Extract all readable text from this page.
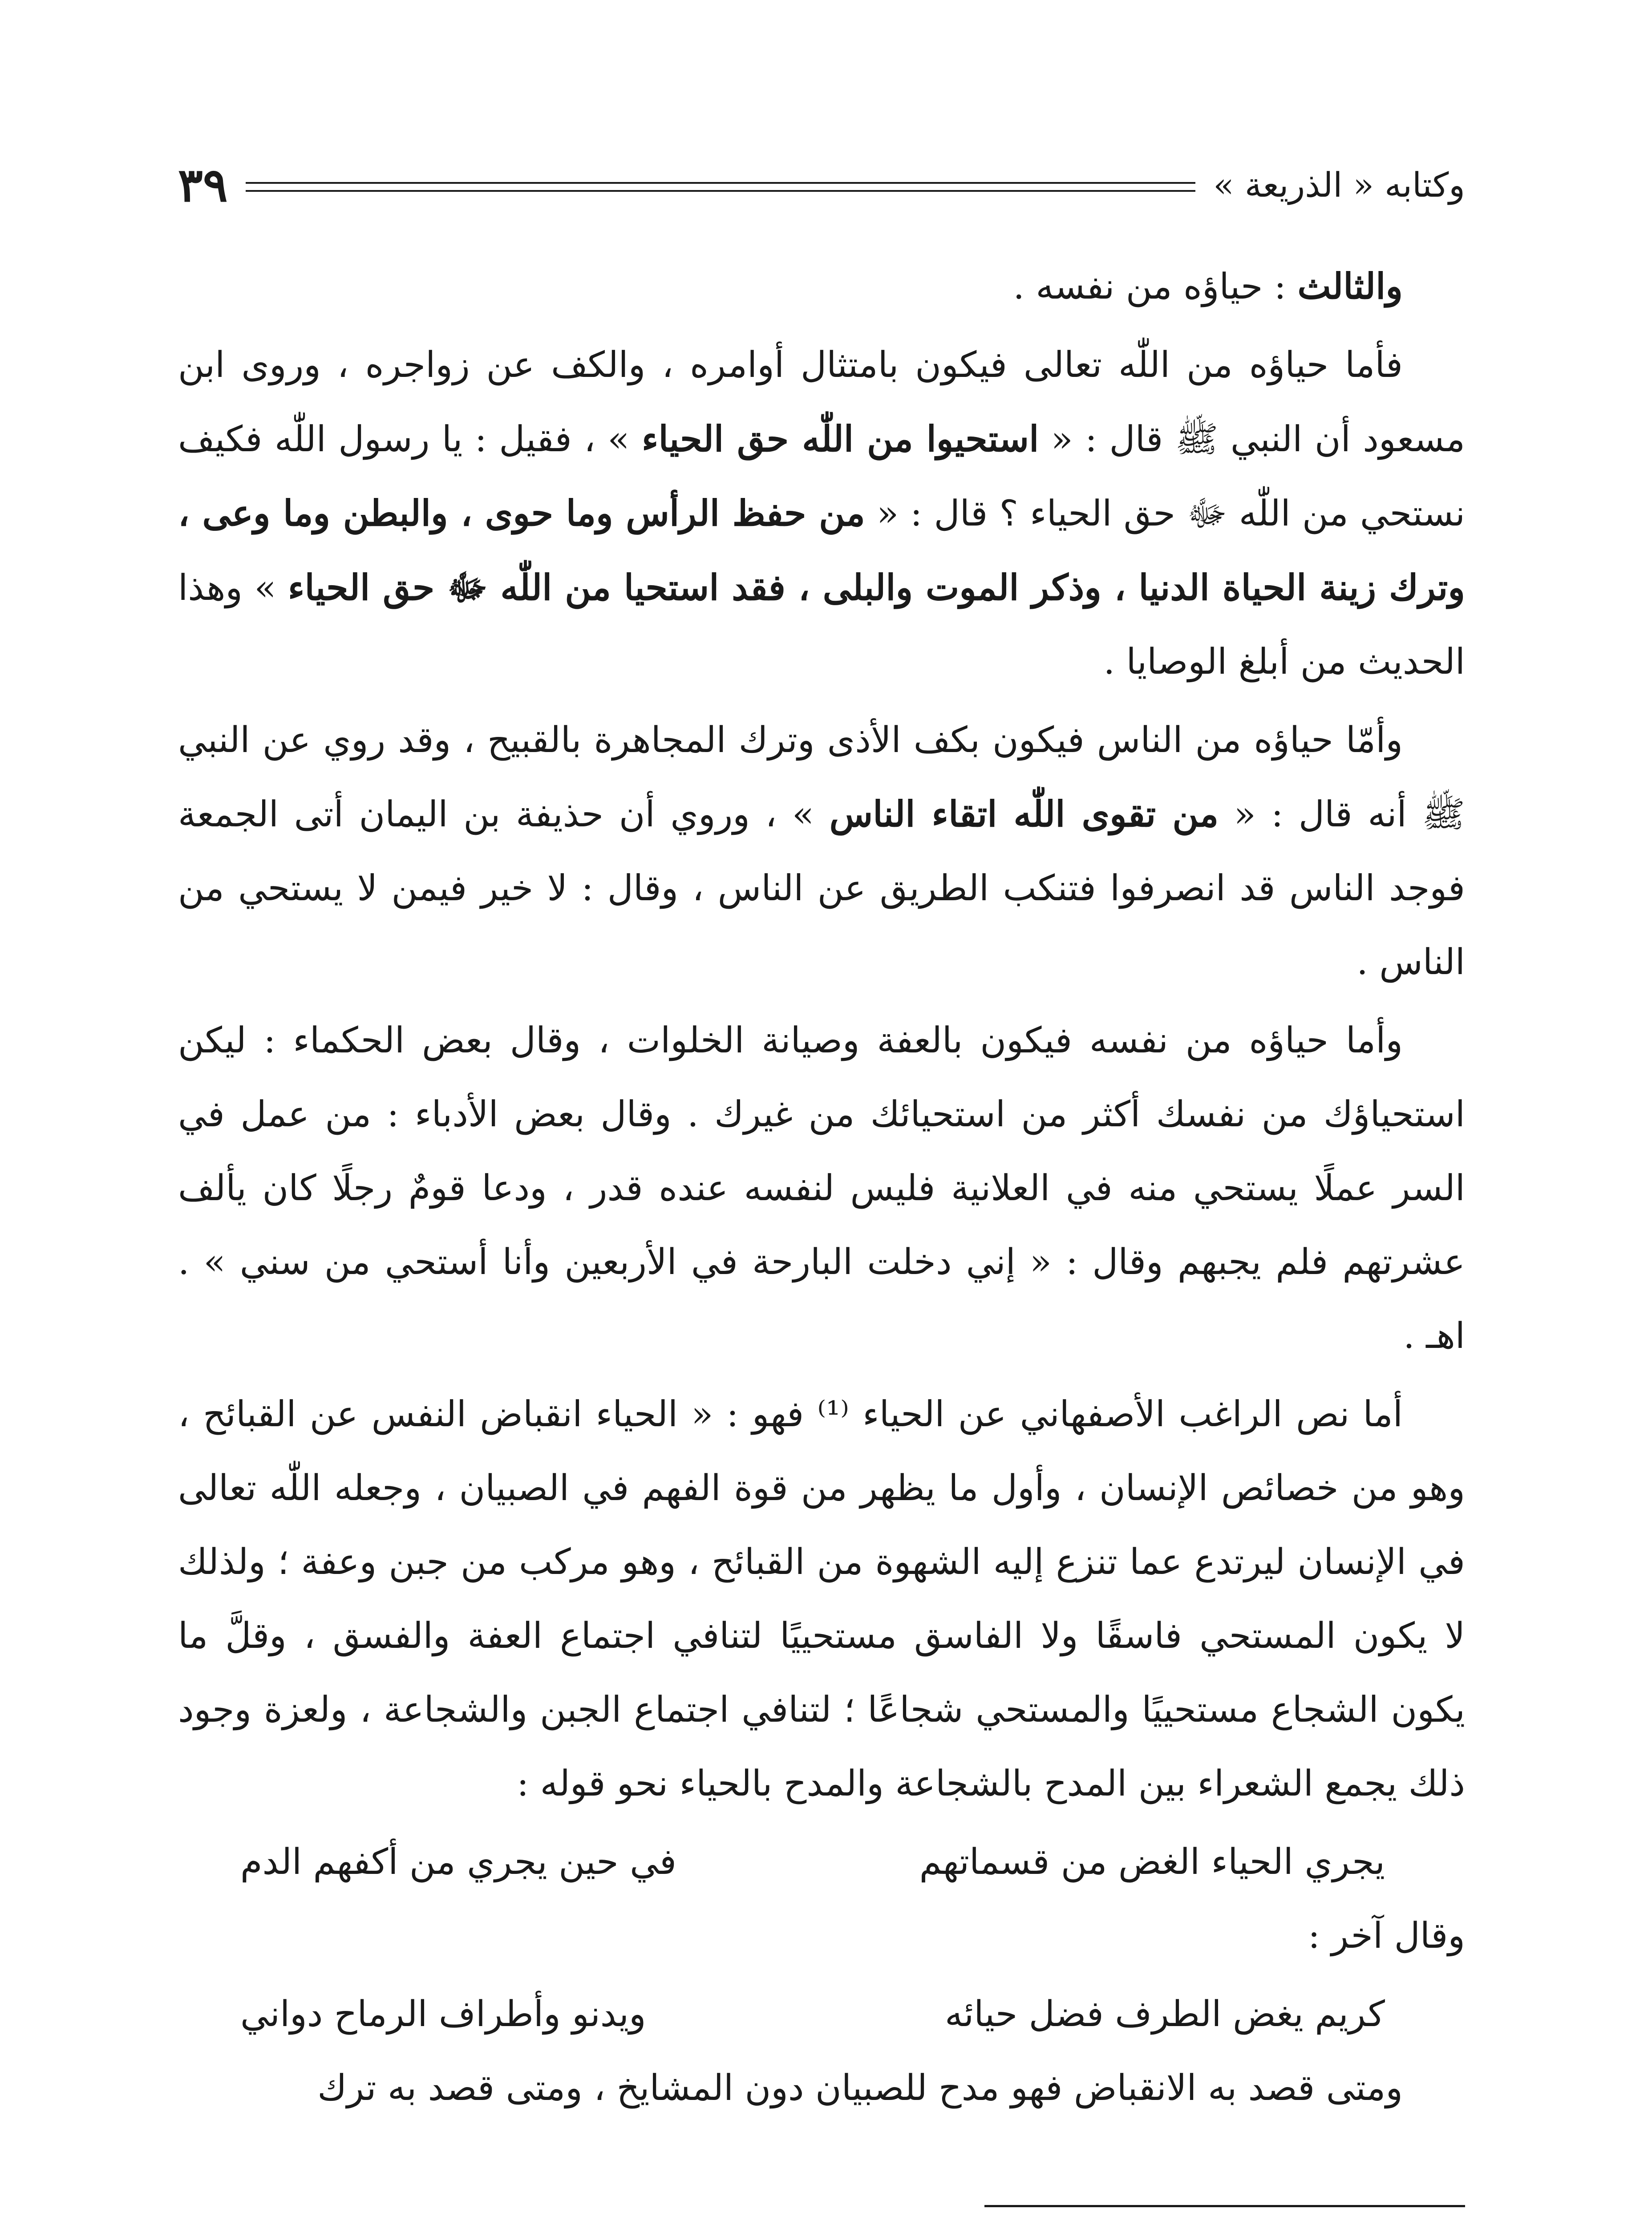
وكتابه « الذريعة »
٣٩

والثالث : حياؤه من نفسه .

فأما حياؤه من اللّٰه تعالى فيكون بامتثال أوامره ، والكف عن زواجره ، وروى ابن مسعود أن النبي ﷺ قال : « استحيوا من اللّٰه حق الحياء » ، فقيل : يا رسول اللّٰه فكيف نستحي من اللّٰه ﷻ حق الحياء ؟ قال : « من حفظ الرأس وما حوى ، والبطن وما وعى ، وترك زينة الحياة الدنيا ، وذكر الموت والبلى ، فقد استحيا من اللّٰه ﷻ حق الحياء » وهذا الحديث من أبلغ الوصايا .

وأمّا حياؤه من الناس فيكون بكف الأذى وترك المجاهرة بالقبيح ، وقد روي عن النبي ﷺ أنه قال : « من تقوى اللّٰه اتقاء الناس » ، وروي أن حذيفة بن اليمان أتى الجمعة فوجد الناس قد انصرفوا فتنكب الطريق عن الناس ، وقال : لا خير فيمن لا يستحي من الناس .

وأما حياؤه من نفسه فيكون بالعفة وصيانة الخلوات ، وقال بعض الحكماء : ليكن استحياؤك من نفسك أكثر من استحيائك من غيرك . وقال بعض الأدباء : من عمل في السر عملًا يستحي منه في العلانية فليس لنفسه عنده قدر ، ودعا قومٌ رجلًا كان يألف عشرتهم فلم يجبهم وقال : « إني دخلت البارحة في الأربعين وأنا أستحي من سني » . اهـ .

أما نص الراغب الأصفهاني عن الحياء ⁽¹⁾ فهو : « الحياء انقباض النفس عن القبائح ، وهو من خصائص الإنسان ، وأول ما يظهر من قوة الفهم في الصبيان ، وجعله اللّٰه تعالى في الإنسان ليرتدع عما تنزع إليه الشهوة من القبائح ، وهو مركب من جبن وعفة ؛ ولذلك لا يكون المستحي فاسقًا ولا الفاسق مستحييًا لتنافي اجتماع العفة والفسق ، وقلَّ ما يكون الشجاع مستحييًا والمستحي شجاعًا ؛ لتنافي اجتماع الجبن والشجاعة ، ولعزة وجود ذلك يجمع الشعراء بين المدح بالشجاعة والمدح بالحياء نحو قوله :

يجري الحياء الغض من قسماتهم
في حين يجري من أكفهم الدم

وقال آخر :

كريم يغض الطرف فضل حيائه
ويدنو وأطراف الرماح دواني

ومتى قصد به الانقباض فهو مدح للصبيان دون المشايخ ، ومتى قصد به ترك
